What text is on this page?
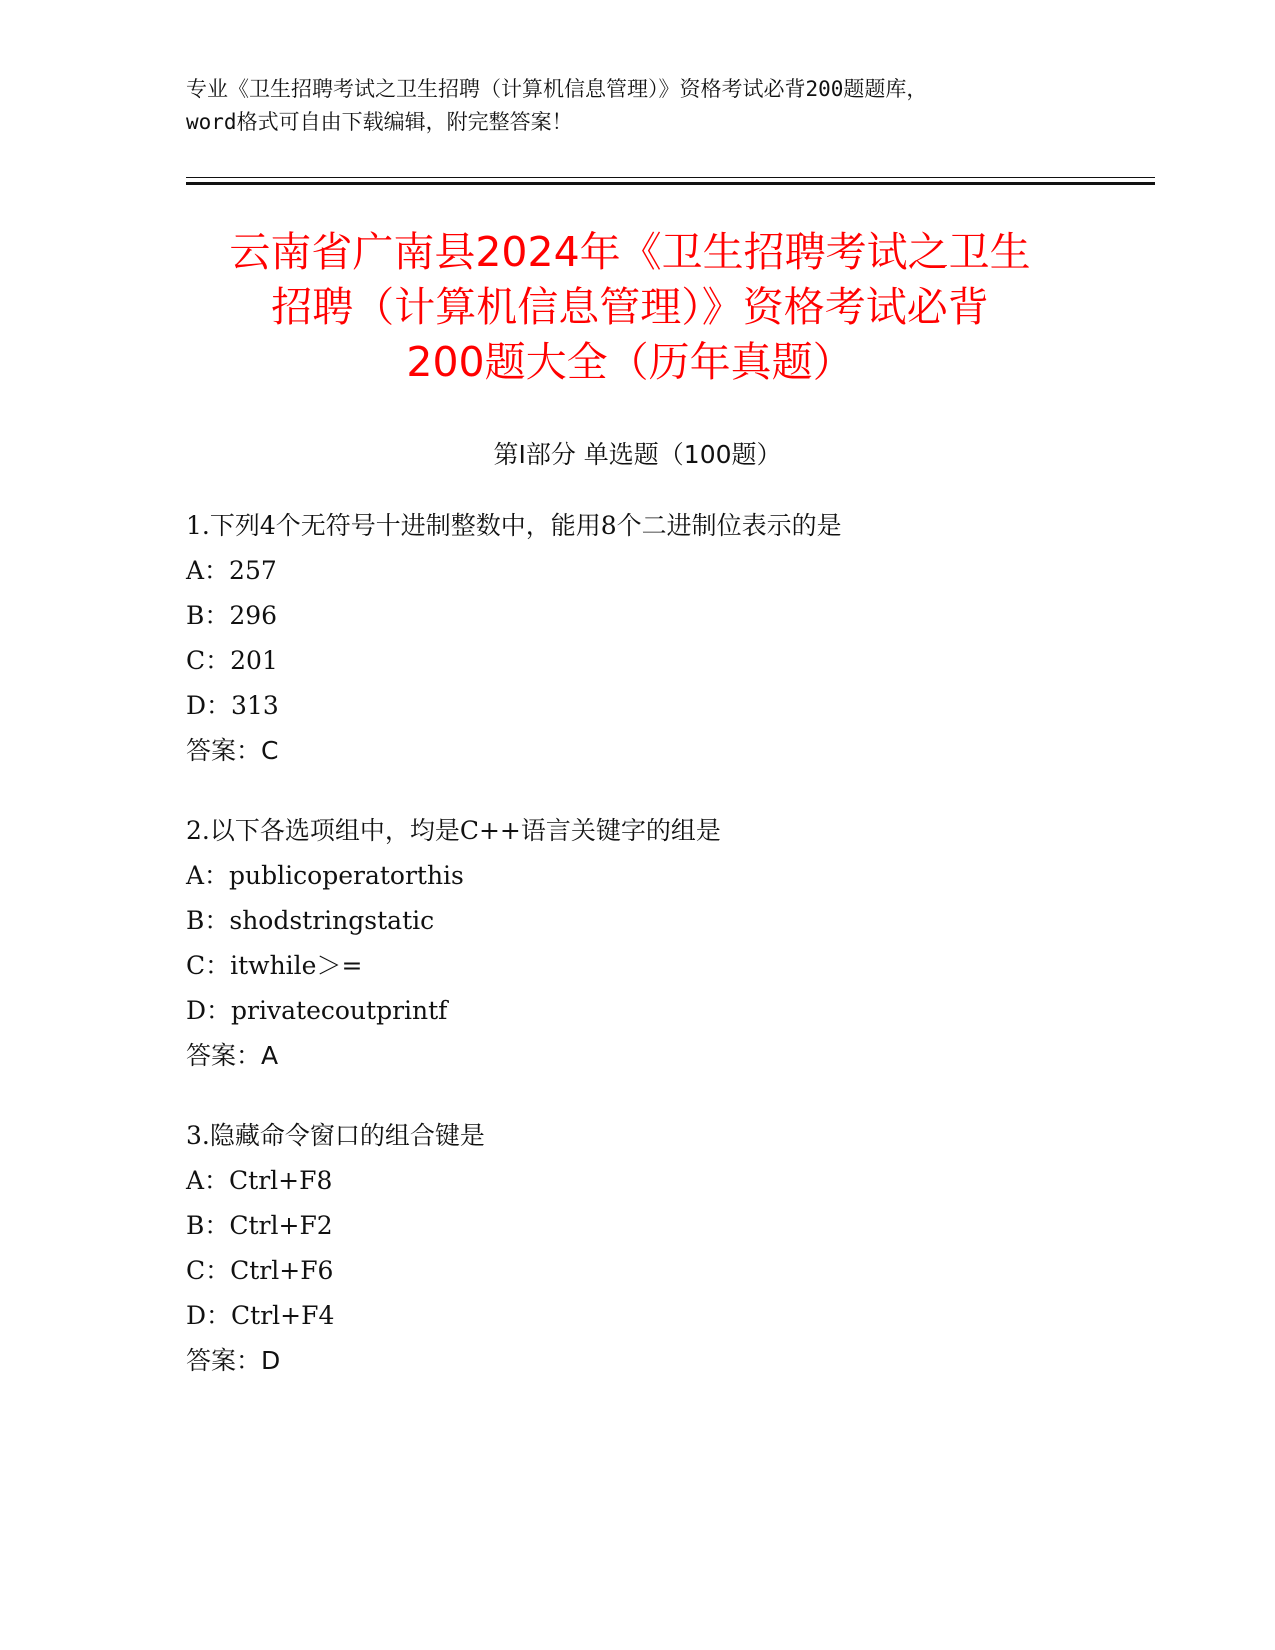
专业《卫生招聘考试之卫生招聘（计算机信息管理）》资格考试必背200题题库，
word格式可自由下载编辑，附完整答案！
云南省广南县2024年《卫生招聘考试之卫生
招聘（计算机信息管理）》资格考试必背
200题大全（历年真题）
第Ⅰ部分 单选题（100题）
1.下列4个无符号十进制整数中，能用8个二进制位表示的是
A：257
B：296
C：201
D：313
答案：C
2.以下各选项组中，均是C++语言关键字的组是
A：publicoperatorthis
B：shodstringstatic
C：itwhile＞=
D：privatecoutprintf
答案：A
3.隐藏命令窗口的组合键是
A：Ctrl+F8
B：Ctrl+F2
C：Ctrl+F6
D：Ctrl+F4
答案：D
